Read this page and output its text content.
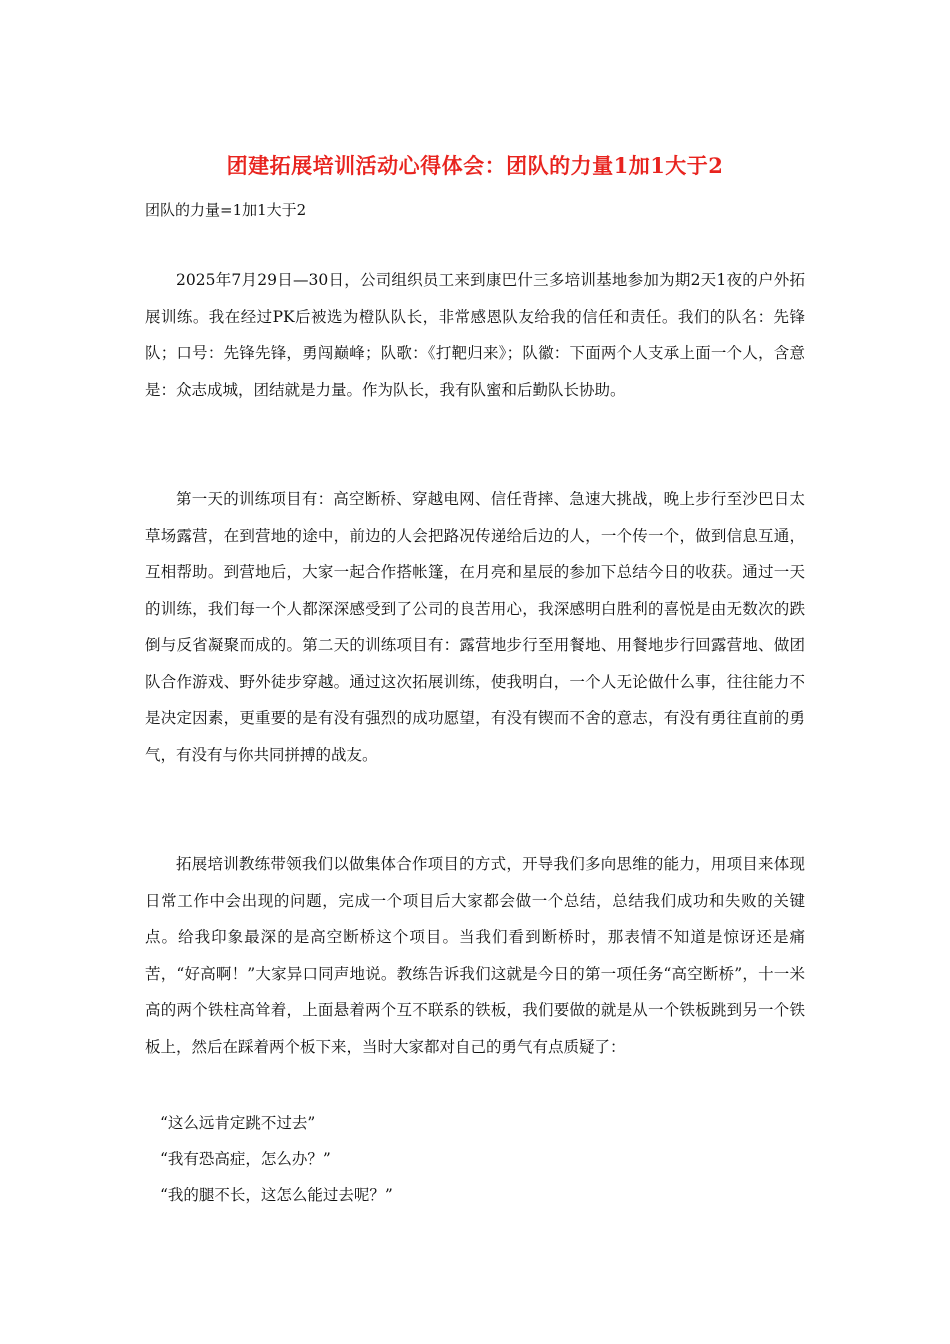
团建拓展培训活动心得体会：团队的力量1加1大于2

团队的力量=1加1大于2

2025年7月29日—30日，公司组织员工来到康巴什三多培训基地参加为期2天1夜的户外拓展训练。我在经过PK后被选为橙队队长，非常感恩队友给我的信任和责任。我们的队名：先锋队；口号：先锋先锋，勇闯巅峰；队歌：《打靶归来》；队徽：下面两个人支承上面一个人，含意是：众志成城，团结就是力量。作为队长，我有队蜜和后勤队长协助。

第一天的训练项目有：高空断桥、穿越电网、信任背摔、急速大挑战，晚上步行至沙巴日太草场露营，在到营地的途中，前边的人会把路况传递给后边的人，一个传一个，做到信息互通，互相帮助。到营地后，大家一起合作搭帐篷，在月亮和星辰的参加下总结今日的收获。通过一天的训练，我们每一个人都深深感受到了公司的良苦用心，我深感明白胜利的喜悦是由无数次的跌倒与反省凝聚而成的。第二天的训练项目有：露营地步行至用餐地、用餐地步行回露营地、做团队合作游戏、野外徒步穿越。通过这次拓展训练，使我明白，一个人无论做什么事，往往能力不是决定因素，更重要的是有没有强烈的成功愿望，有没有锲而不舍的意志，有没有勇往直前的勇气，有没有与你共同拼搏的战友。

拓展培训教练带领我们以做集体合作项目的方式，开导我们多向思维的能力，用项目来体现日常工作中会出现的问题，完成一个项目后大家都会做一个总结，总结我们成功和失败的关键点。给我印象最深的是高空断桥这个项目。当我们看到断桥时，那表情不知道是惊讶还是痛苦，“好高啊！”大家异口同声地说。教练告诉我们这就是今日的第一项任务“高空断桥”，十一米高的两个铁柱高耸着，上面悬着两个互不联系的铁板，我们要做的就是从一个铁板跳到另一个铁板上，然后在踩着两个板下来，当时大家都对自己的勇气有点质疑了：

“这么远肯定跳不过去”

“我有恐高症，怎么办？”

“我的腿不长，这怎么能过去呢？”
